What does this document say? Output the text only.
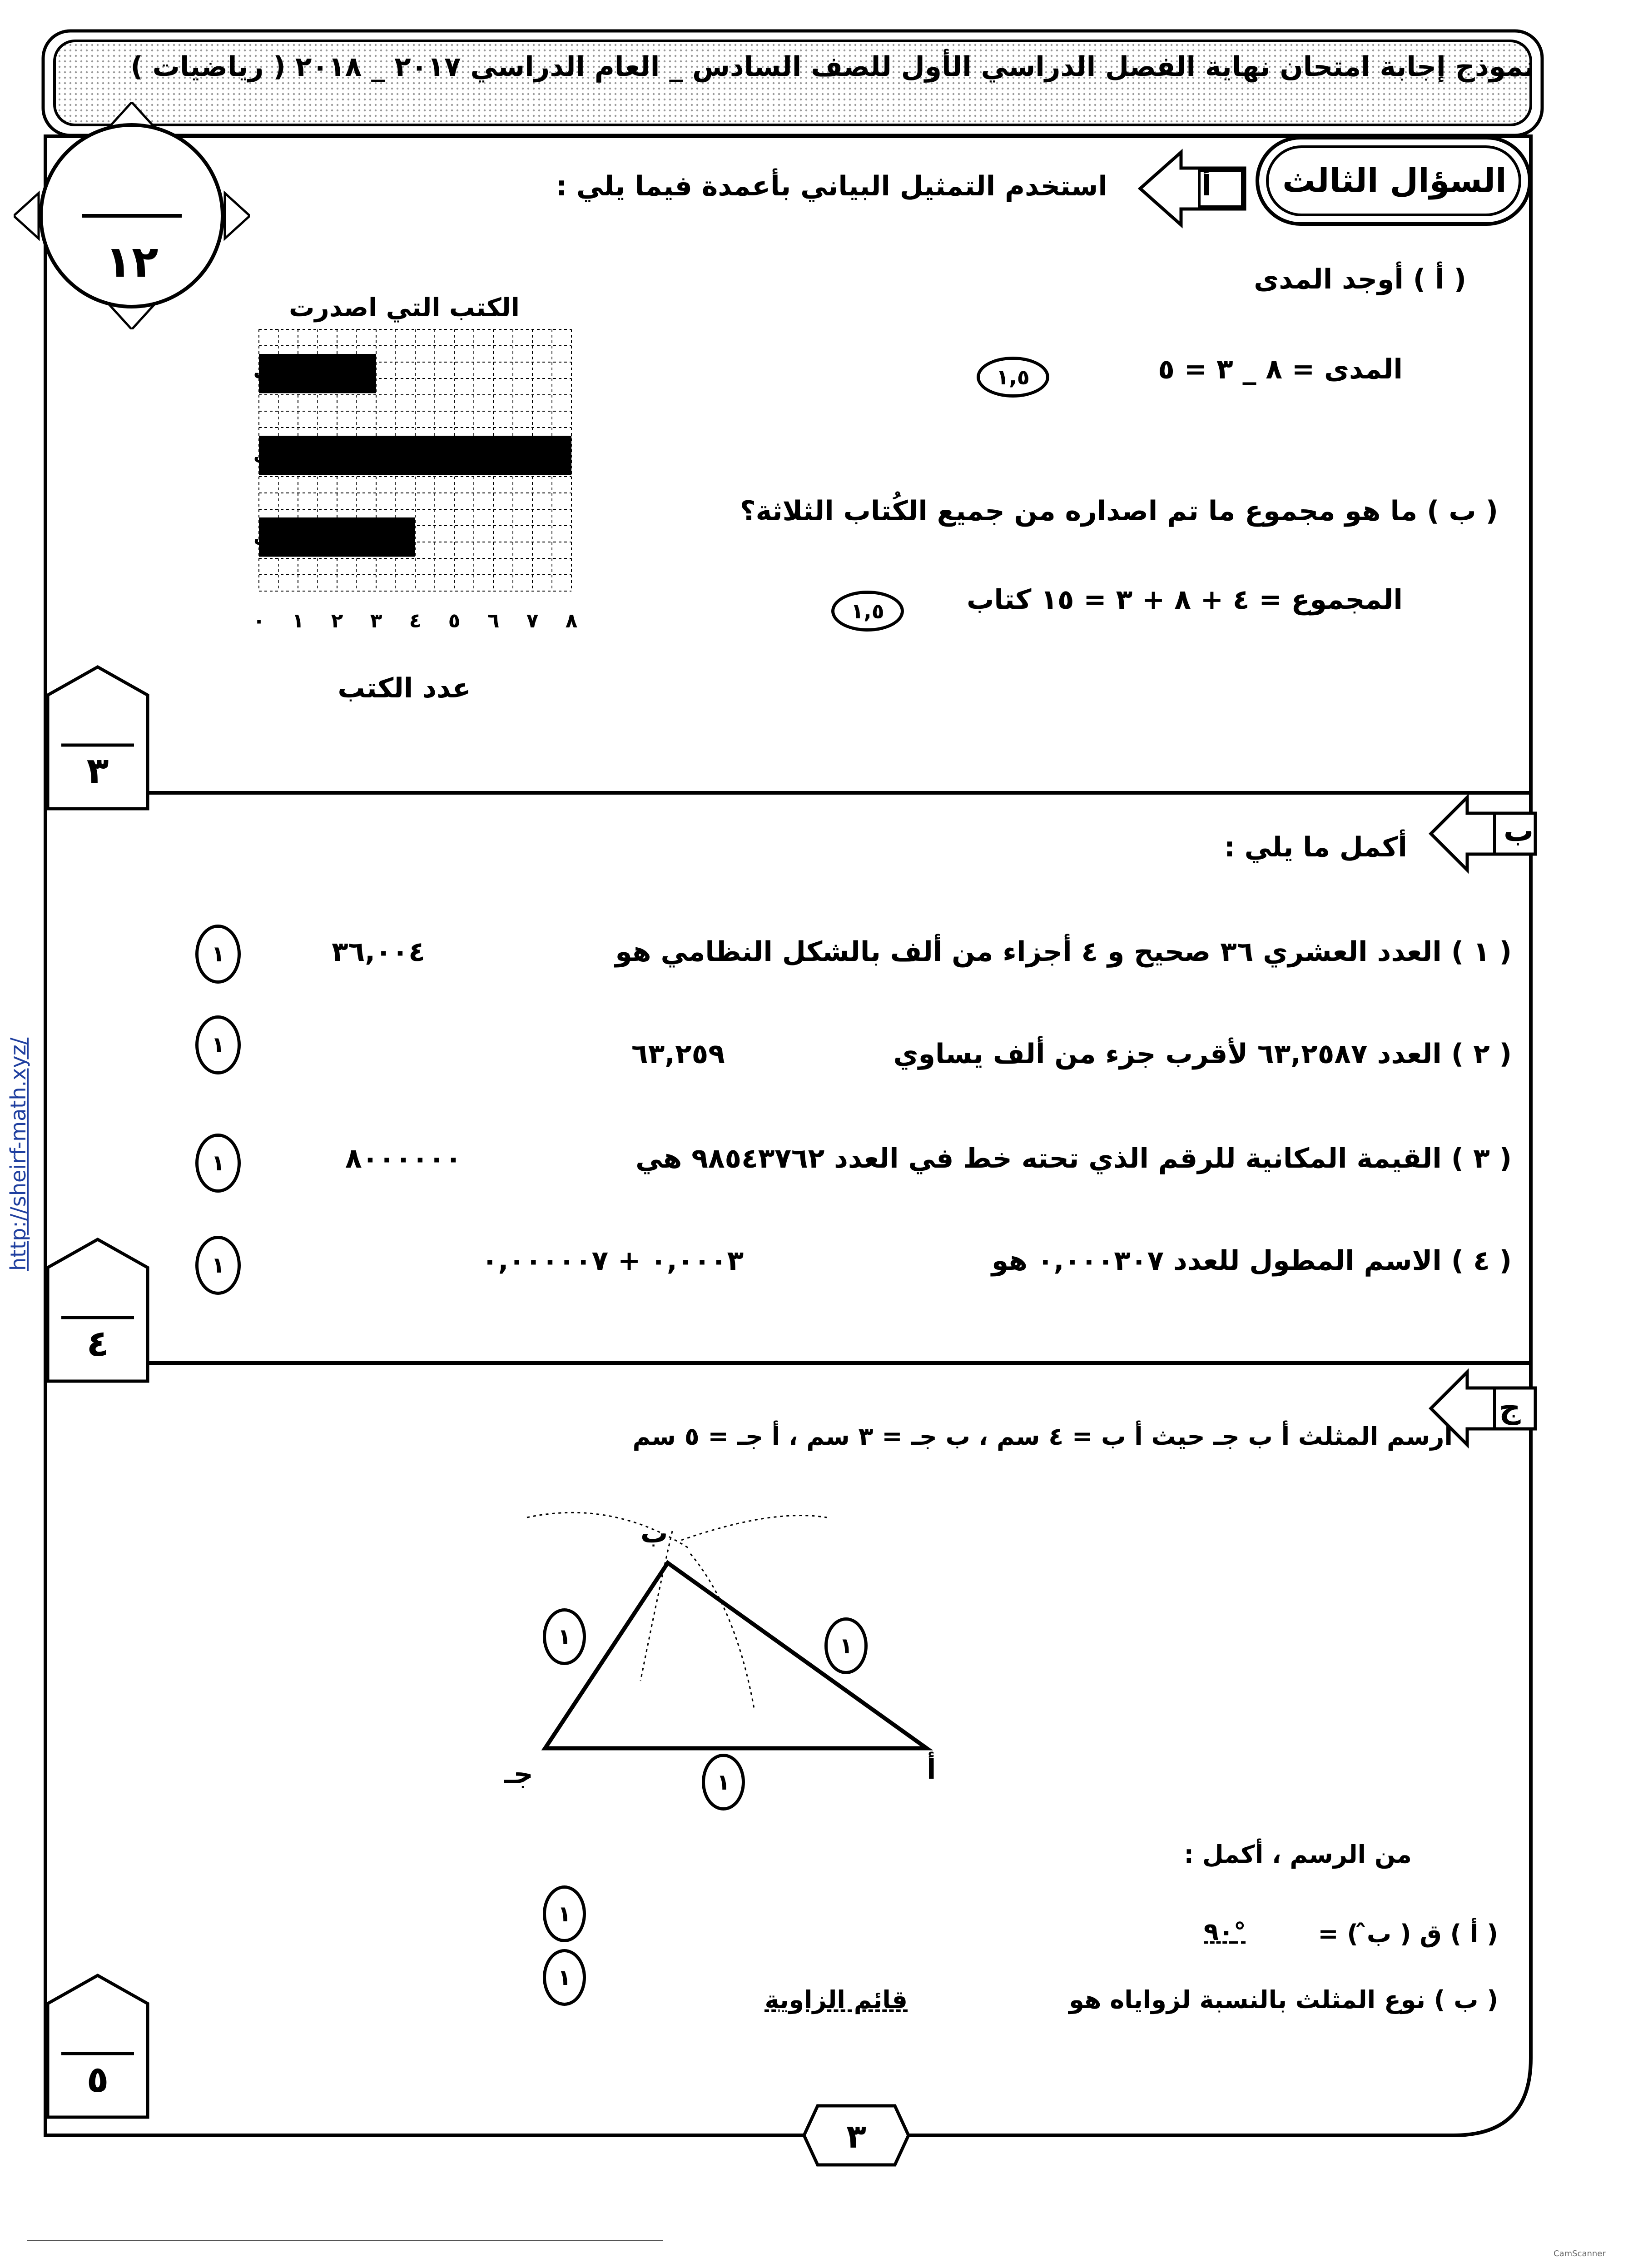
نموذج إجابة امتحان نهاية الفصل الدراسي الأول للصف السادس _ العام الدراسي ٢٠١٧ _ ٢٠١٨ ( رياضيات )
١٢
السؤال الثالث
أ
استخدم التمثيل البياني بأعمدة فيما يلي :
( أ ) أوجد المدى
المدى = ٨ _ ٣ = ٥
١,٥
( ب ) ما هو مجموع ما تم اصداره من جميع الكُتاب الثلاثة؟
المجموع = ٤ + ٨ + ٣ = ١٥ كتاب
١,٥
الكتب التي اصدرت
الكاتب الثالث
الكاتب الثاني
الكاتب الأول
٠ ١ ٢ ٣ ٤ ٥ ٦ ٧ ٨
عدد الكتب
٣
ب
أكمل ما يلي :
( ١ ) العدد العشري ٣٦ صحيح و ٤ أجزاء من ألف بالشكل النظامي هو
٣٦,٠٠٤
١
( ٢ ) العدد ٦٣,٢٥٨٧ لأقرب جزء من ألف يساوي
٦٣,٢٥٩
١
( ٣ ) القيمة المكانية للرقم الذي تحته خط في العدد ٩٨٥٤٣٧٦٢ هي
٨٠٠٠٠٠٠
١
( ٤ ) الاسم المطول للعدد ٠,٠٠٠٣٠٧ هو
٠,٠٠٠٣ + ٠,٠٠٠٠٠٧
١
http://sheirf-math.xyz/
٤
ج
ارسم المثلث أ ب جـ حيث أ ب = ٤ سم ، ب جـ = ٣ سم ، أ جـ = ٥ سم
ب
أ
جـ
١	١
١
من الرسم ، أكمل :
( أ ) ق ( ب̂ ) =
٩٠°
١
( ب ) نوع المثلث بالنسبة لزواياه هو
قائم الزاوية
١
٥
٣
CamScanner
